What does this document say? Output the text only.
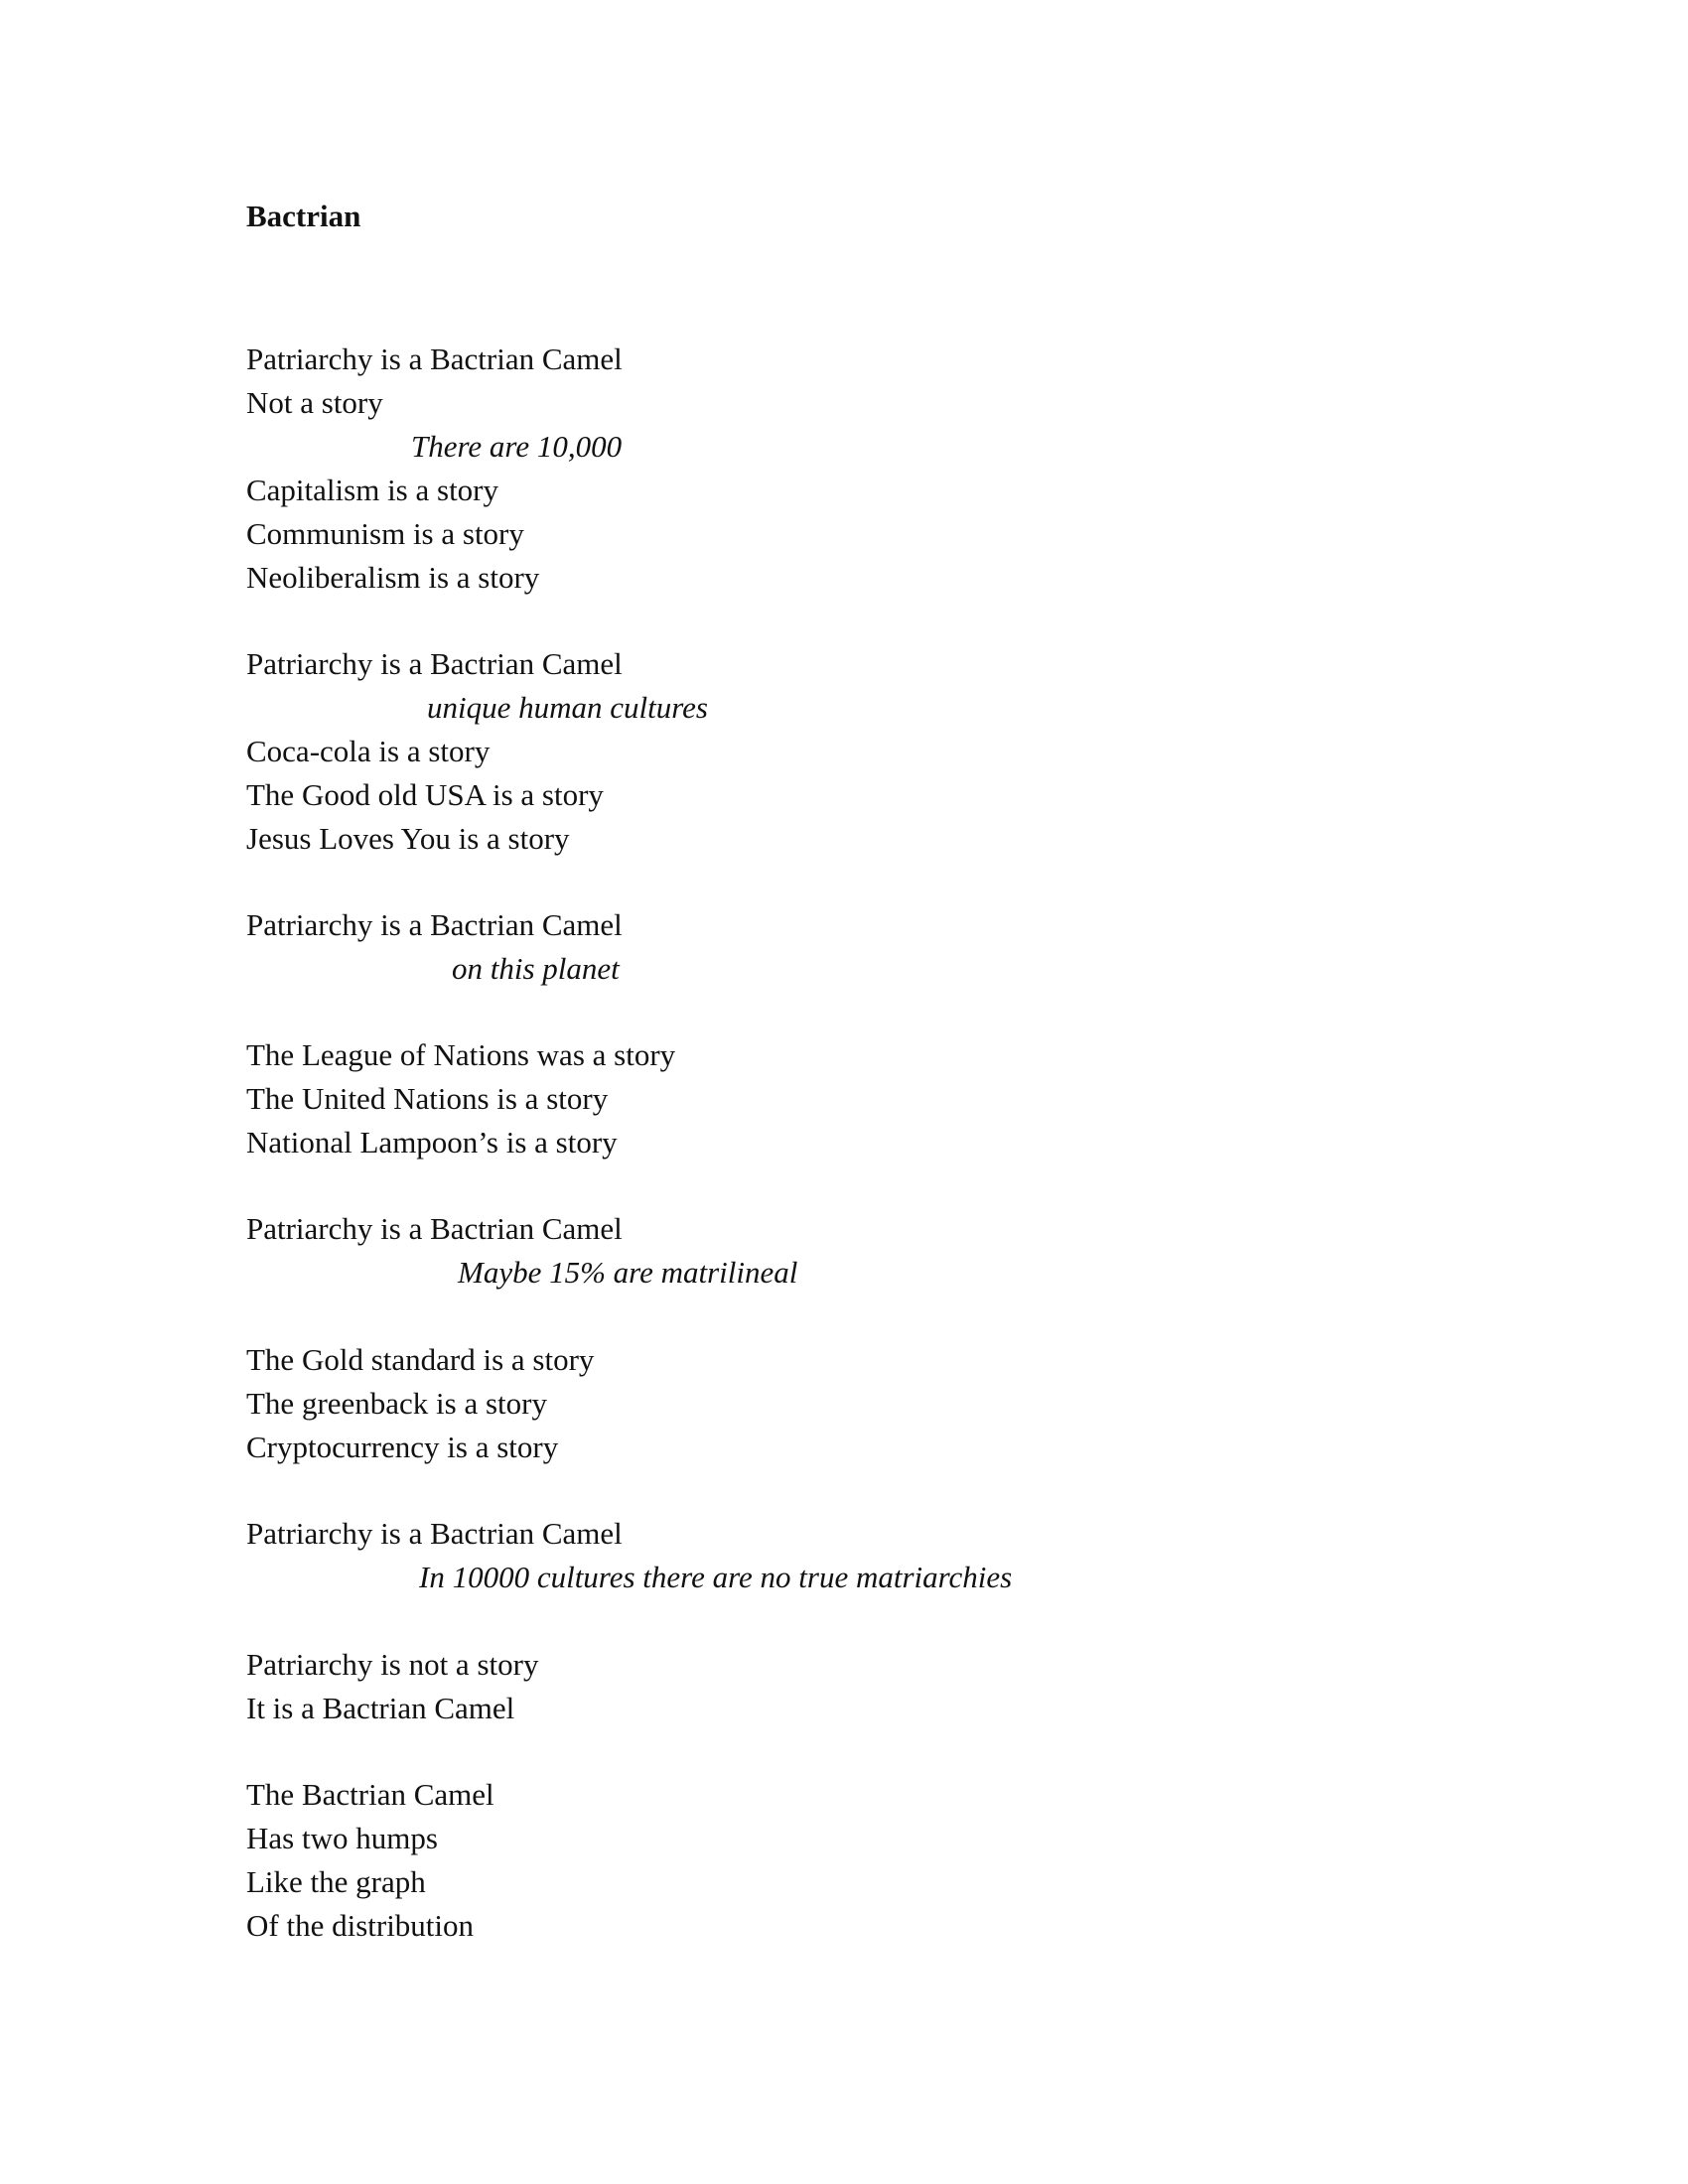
Bactrian
Patriarchy is a Bactrian Camel
Not a story
There are 10,000
Capitalism is a story
Communism is a story
Neoliberalism is a story
Patriarchy is a Bactrian Camel
unique human cultures
Coca-cola is a story
The Good old USA is a story
Jesus Loves You is a story
Patriarchy is a Bactrian Camel
on this planet
The League of Nations was a story
The United Nations is a story
National Lampoon’s is a story
Patriarchy is a Bactrian Camel
Maybe 15% are matrilineal
The Gold standard is a story
The greenback is a story
Cryptocurrency is a story
Patriarchy is a Bactrian Camel
In 10000 cultures there are no true matriarchies
Patriarchy is not a story
It is a Bactrian Camel
The Bactrian Camel
Has two humps
Like the graph
Of the distribution
